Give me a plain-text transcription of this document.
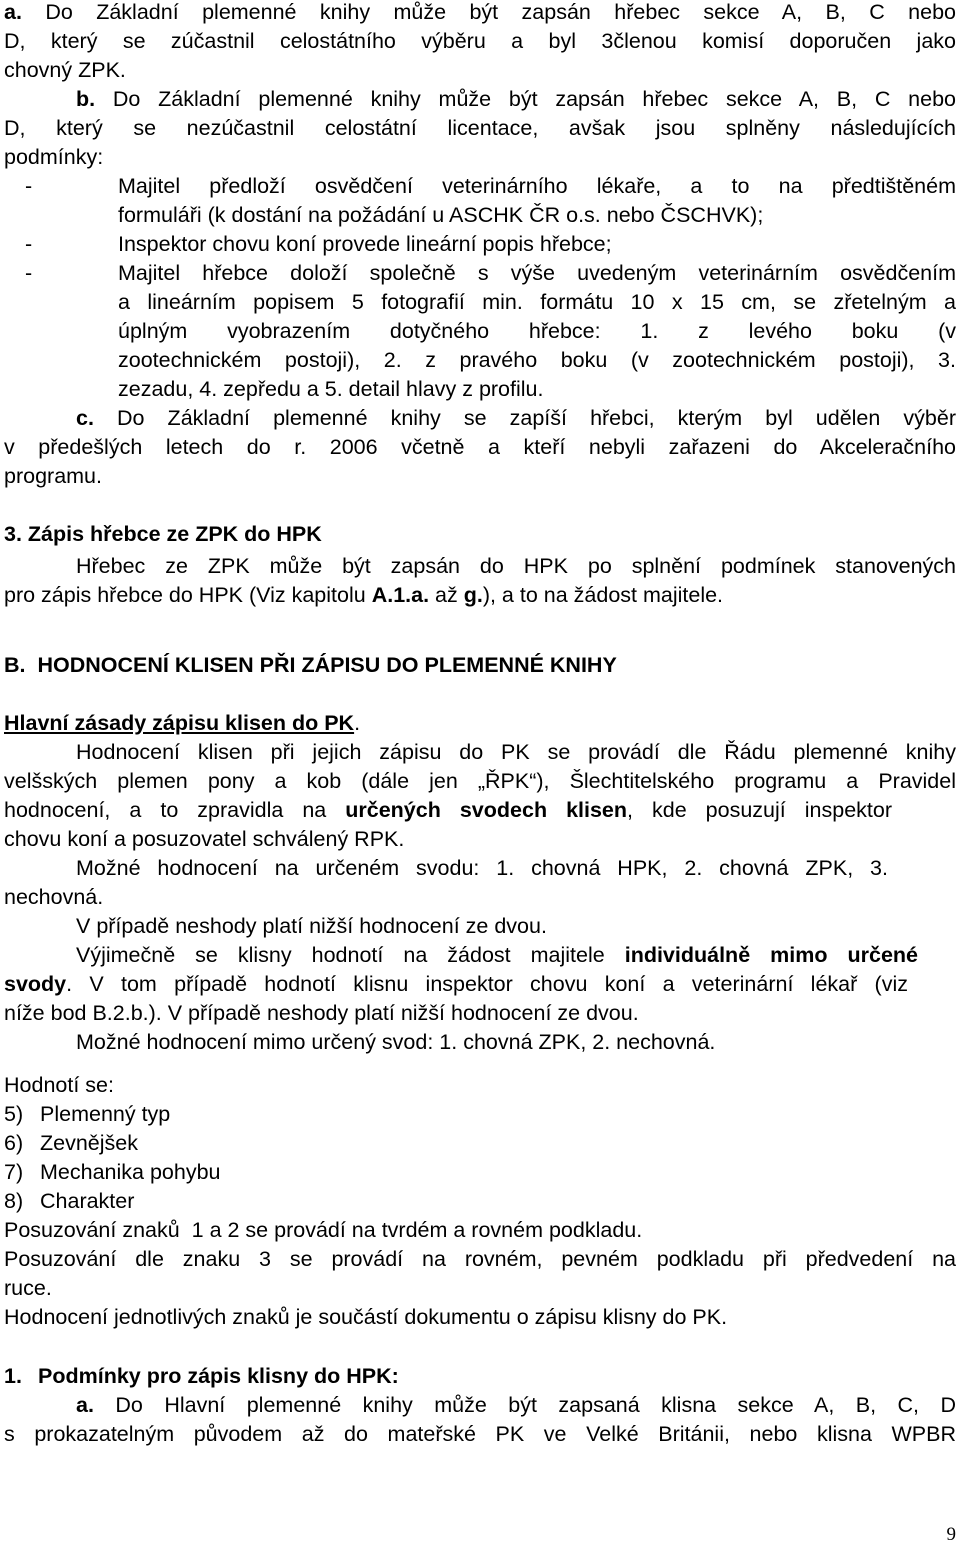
a. Do Základní plemenné knihy může být zapsán hřebec sekce A, B, C nebo
D, který se zúčastnil celostátního výběru a byl 3členou komisí doporučen jako
chovný ZPK.
b. Do Základní plemenné knihy může být zapsán hřebec sekce A, B, C nebo
D, který se nezúčastnil celostátní licentace, avšak jsou splněny následujících
podmínky:
-	Majitel předloží osvědčení veterinárního lékaře, a to na předtištěném
formuláři (k dostání na požádání u ASCHK ČR o.s. nebo ČSCHVK);
-	Inspektor chovu koní provede lineární popis hřebce;
-	Majitel hřebce doloží společně s výše uvedeným veterinárním osvědčením
a lineárním popisem 5 fotografií min. formátu 10 x 15 cm, se zřetelným a
úplným vyobrazením dotyčného hřebce: 1. z levého boku (v
zootechnickém postoji), 2. z pravého boku (v zootechnickém postoji), 3.
zezadu, 4. zepředu a 5. detail hlavy z profilu.
c. Do Základní plemenné knihy se zapíší hřebci, kterým byl udělen výběr
v předešlých letech do r. 2006 včetně a kteří nebyli zařazeni do Akceleračního
programu.
3. Zápis hřebce ze ZPK do HPK
Hřebec ze ZPK může být zapsán do HPK po splnění podmínek stanovených
pro zápis hřebce do HPK (Viz kapitolu A.1.a. až g.), a to na žádost majitele.
B.  HODNOCENÍ KLISEN PŘI ZÁPISU DO PLEMENNÉ KNIHY
Hlavní zásady zápisu klisen do PK.
Hodnocení klisen při jejich zápisu do PK se provádí dle Řádu plemenné knihy
velšských plemen pony a kob (dále jen „ŘPK“), Šlechtitelského programu a Pravidel
hodnocení, a to zpravidla na určených svodech klisen, kde posuzují inspektor
chovu koní a posuzovatel schválený RPK.
Možné hodnocení na určeném svodu: 1. chovná HPK, 2. chovná ZPK, 3.
nechovná.
V případě neshody platí nižší hodnocení ze dvou.
Výjimečně se klisny hodnotí na žádost majitele individuálně mimo určené
svody. V tom případě hodnotí klisnu inspektor chovu koní a veterinární lékař (viz
níže bod B.2.b.). V případě neshody platí nižší hodnocení ze dvou.
Možné hodnocení mimo určený svod: 1. chovná ZPK, 2. nechovná.
Hodnotí se:
5) Plemenný typ
6) Zevnějšek
7) Mechanika pohybu
8) Charakter
Posuzování znaků  1 a 2 se provádí na tvrdém a rovném podkladu.
Posuzování dle znaku 3 se provádí na rovném, pevném podkladu při předvedení na
ruce.
Hodnocení jednotlivých znaků je součástí dokumentu o zápisu klisny do PK.
1. Podmínky pro zápis klisny do HPK:
a. Do Hlavní plemenné knihy může být zapsaná klisna sekce A, B, C, D
s prokazatelným původem až do mateřské PK ve Velké Británii, nebo klisna WPBR
9
